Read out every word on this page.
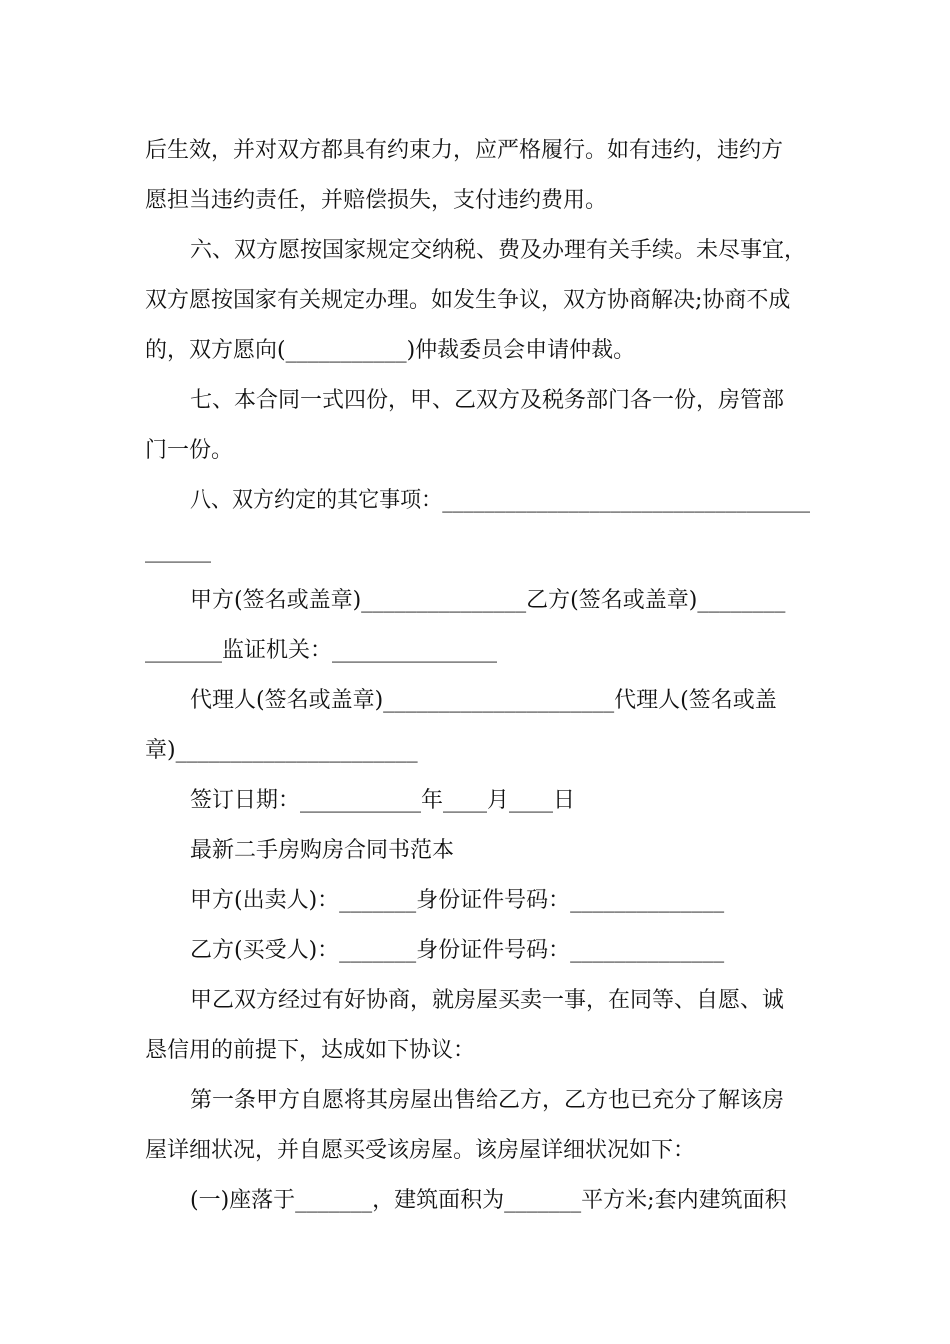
后生效，并对双方都具有约束力，应严格履行。如有违约，违约方
愿担当违约责任，并赔偿损失，支付违约费用。
六、双方愿按国家规定交纳税、费及办理有关手续。未尽事宜，
双方愿按国家有关规定办理。如发生争议，双方协商解决;协商不成
的，双方愿向(___________)仲裁委员会申请仲裁。
七、本合同一式四份，甲、乙双方及税务部门各一份，房管部
门一份。
八、双方约定的其它事项：___________________________________
______
甲方(签名或盖章)_______________乙方(签名或盖章)________
_______监证机关：_______________
代理人(签名或盖章)_____________________代理人(签名或盖
章)______________________
签订日期：___________年____月____日
最新二手房购房合同书范本
甲方(出卖人)：_______身份证件号码：______________
乙方(买受人)：_______身份证件号码：______________
甲乙双方经过有好协商，就房屋买卖一事，在同等、自愿、诚
恳信用的前提下，达成如下协议：
第一条甲方自愿将其房屋出售给乙方，乙方也已充分了解该房
屋详细状况，并自愿买受该房屋。该房屋详细状况如下：
(一)座落于_______，建筑面积为_______平方米;套内建筑面积
